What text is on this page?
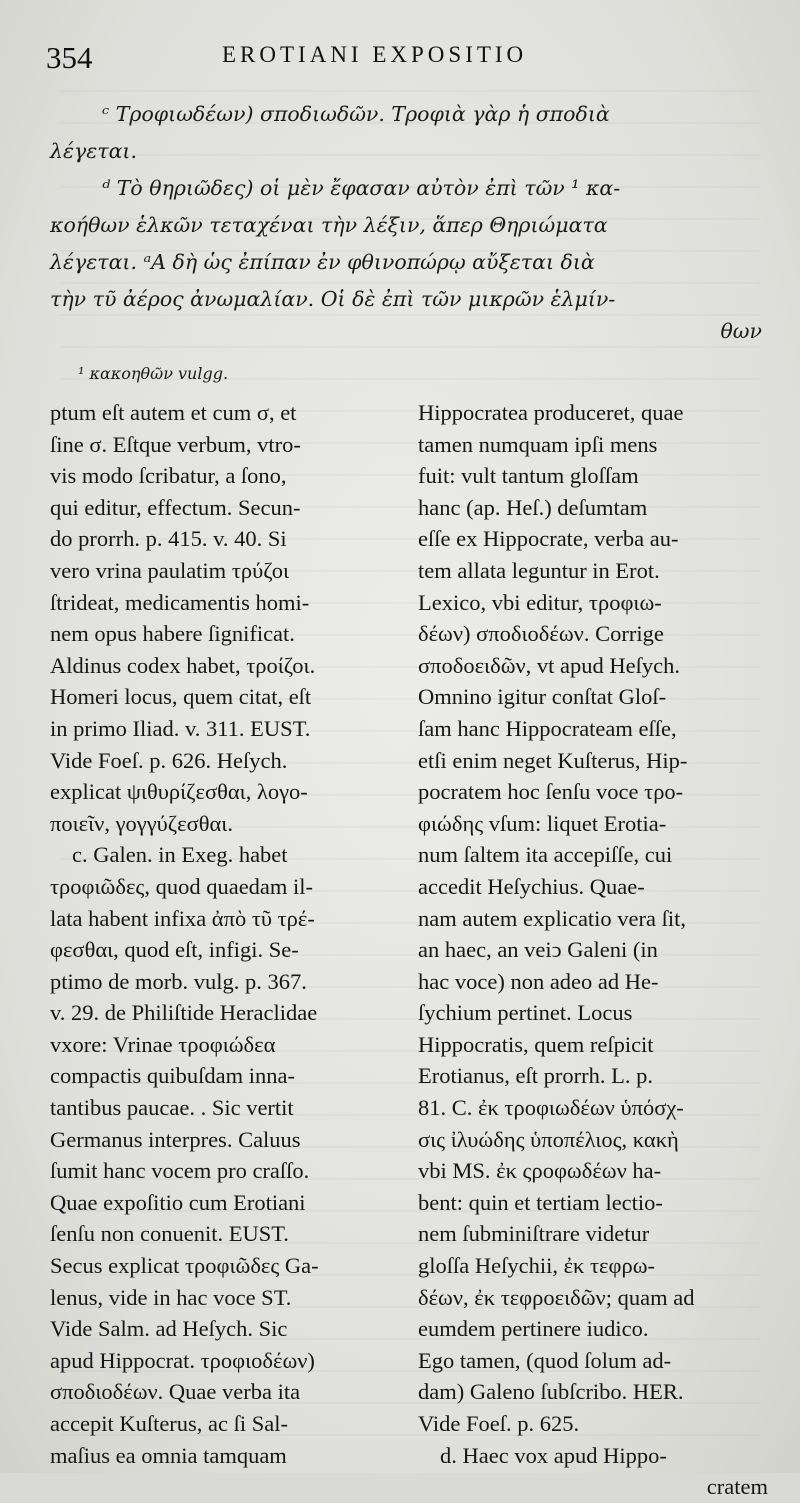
354	EROTIANI EXPOSITIO
ᶜ Τροφιωδέων) σποδιωδῶν. Τροφιὰ γὰρ ἡ σποδιὰ
λέγεται.
ᵈ Τὸ θηριῶδες) οἱ μὲν ἔφασαν αὐτὸν ἐπὶ τῶν ¹ κα-
κοήθων ἑλκῶν τεταχέναι τὴν λέξιν, ἅπερ Θηριώματα
λέγεται. ᵃΑ δὴ ὡς ἐπίπαν ἐν φθινοπώρῳ αὔξεται διὰ
τὴν τῦ ἀέρος ἀνωμαλίαν. Οἱ δὲ ἐπὶ τῶν μικρῶν ἑλμίν-
θων
¹ κακοηθῶν vulgg.
ptum eſt autem et cum σ, et
ſine σ. Eſtque verbum, vtro-
vis modo ſcribatur, a ſono,
qui editur, effectum. Secun-
do prorrh. p. 415. v. 40. Si
vero vrina paulatim τρύζοι
ſtrideat, medicamentis homi-
nem opus habere ſignificat.
Aldinus codex habet, τροίζοι.
Homeri locus, quem citat, eſt
in primo Iliad. v. 311. EUST.
Vide Foeſ. p. 626. Heſych.
explicat ψιθυρίζεσθαι, λογο-
ποιεῖν, γογγύζεσθαι.
c. Galen. in Exeg. habet
τροφιῶδες, quod quaedam il-
lata habent infixa ἀπὸ τῦ τρέ-
φεσθαι, quod eſt, infigi. Se-
ptimo de morb. vulg. p. 367.
v. 29. de Philiſtide Heraclidae
vxore: Vrinae τροφιώδεα
compactis quibuſdam inna-
tantibus paucae. . Sic vertit
Germanus interpres. Caluus
ſumit hanc vocem pro craſſo.
Quae expoſitio cum Erotiani
ſenſu non conuenit. EUST.
Secus explicat τροφιῶδες Ga-
lenus, vide in hac voce ST.
Vide Salm. ad Heſych. Sic
apud Hippocrat. τροφιοδέων)
σποδιοδέων. Quae verba ita
accepit Kuſterus, ac ſi Sal-
maſius ea omnia tamquam
Hippocratea produceret, quae
tamen numquam ipſi mens
fuit: vult tantum gloſſam
hanc (ap. Heſ.) deſumtam
eſſe ex Hippocrate, verba au-
tem allata leguntur in Erot.
Lexico, vbi editur, τροφιω-
δέων) σποδιοδέων. Corrige
σποδοειδῶν, vt apud Heſych.
Omnino igitur conſtat Gloſ-
ſam hanc Hippocrateam eſſe,
etſi enim neget Kuſterus, Hip-
pocratem hoc ſenſu voce τρο-
φιώδης vſum: liquet Erotia-
num ſaltem ita accepiſſe, cui
accedit Heſychius. Quae-
nam autem explicatio vera ſit,
an haec, an veiↄ Galeni (in
hac voce) non adeo ad He-
ſychium pertinet. Locus
Hippocratis, quem reſpicit
Erotianus, eſt prorrh. L. p.
81. C. ἐκ τροφιωδέων ὑπόσχ-
σις ἰλυώδης ὑποπέλιος, κακὴ
vbi MS. ἐκ ςροφωδέων ha-
bent: quin et tertiam lectio-
nem ſubminiſtrare videtur
gloſſa Heſychii, ἐκ τεφρω-
δέων, ἐκ τεφροειδῶν; quam ad
eumdem pertinere iudico.
Ego tamen, (quod ſolum ad-
dam) Galeno ſubſcribo. HER.
Vide Foeſ. p. 625.
d. Haec vox apud Hippo-
cratem
